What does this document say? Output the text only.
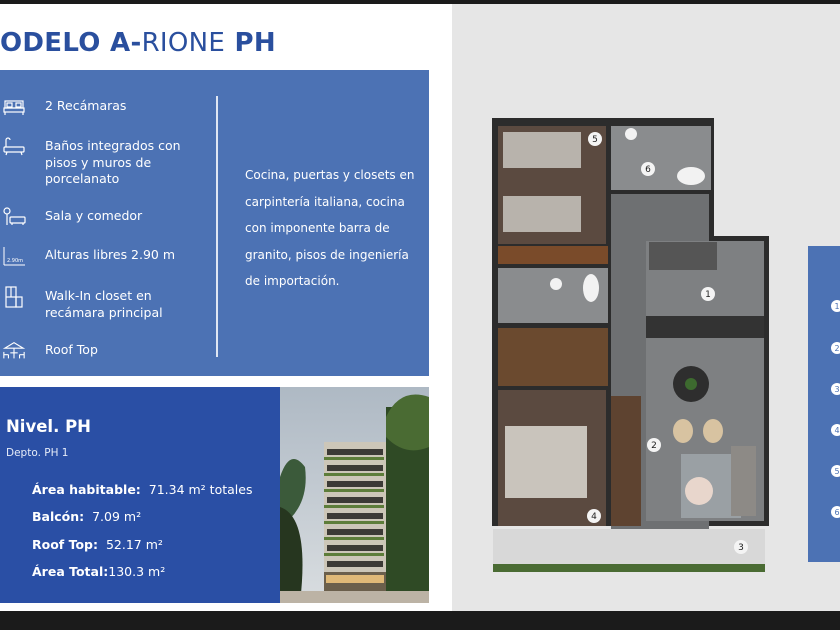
ODELO A-RIONE PH
2 Recámaras
Baños integrados con pisos y muros de porcelanato
Sala y comedor
2.90m Alturas libres 2.90 m
Walk-In closet en recámara principal
Roof Top
Cocina, puertas y closets en carpintería italiana, cocina con imponente barra de granito, pisos de ingeniería de importación.
Nivel. PH
Depto. PH 1
Área habitable: 71.34 m² totales
Balcón: 7.09 m²
Roof Top: 52.17 m²
Área Total:130.3 m²
1
2
3
4
5
6
1
2
3
4
5
6
